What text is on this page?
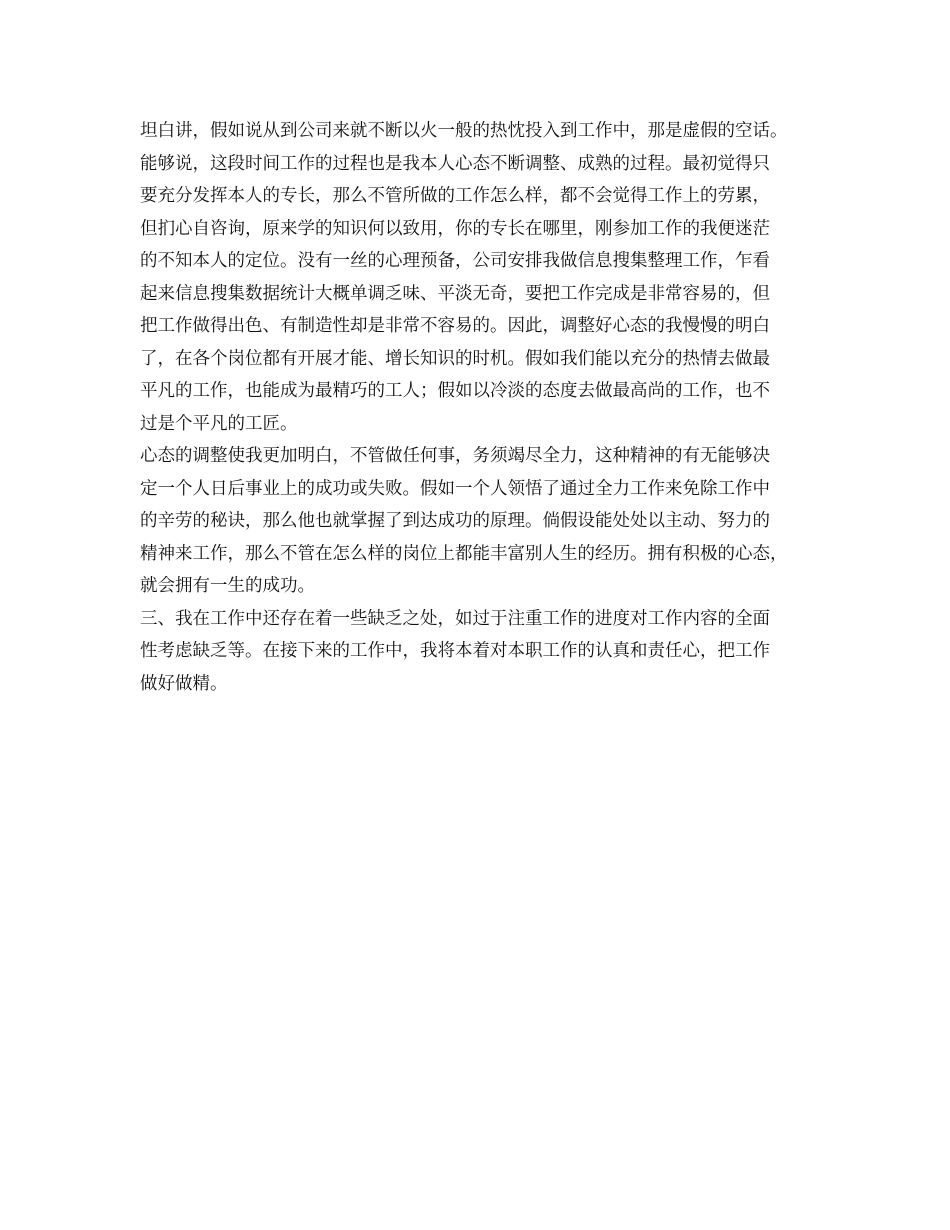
坦白讲，假如说从到公司来就不断以火一般的热忱投入到工作中，那是虚假的空话。
能够说，这段时间工作的过程也是我本人心态不断调整、成熟的过程。最初觉得只
要充分发挥本人的专长，那么不管所做的工作怎么样，都不会觉得工作上的劳累，
但扪心自咨询，原来学的知识何以致用，你的专长在哪里，刚参加工作的我便迷茫
的不知本人的定位。没有一丝的心理预备，公司安排我做信息搜集整理工作，乍看
起来信息搜集数据统计大概单调乏味、平淡无奇，要把工作完成是非常容易的，但
把工作做得出色、有制造性却是非常不容易的。因此，调整好心态的我慢慢的明白
了，在各个岗位都有开展才能、增长知识的时机。假如我们能以充分的热情去做最
平凡的工作，也能成为最精巧的工人；假如以冷淡的态度去做最高尚的工作，也不
过是个平凡的工匠。
心态的调整使我更加明白，不管做任何事，务须竭尽全力，这种精神的有无能够决
定一个人日后事业上的成功或失败。假如一个人领悟了通过全力工作来免除工作中
的辛劳的秘诀，那么他也就掌握了到达成功的原理。倘假设能处处以主动、努力的
精神来工作，那么不管在怎么样的岗位上都能丰富别人生的经历。拥有积极的心态，
就会拥有一生的成功。
三、我在工作中还存在着一些缺乏之处，如过于注重工作的进度对工作内容的全面
性考虑缺乏等。在接下来的工作中，我将本着对本职工作的认真和责任心，把工作
做好做精。
